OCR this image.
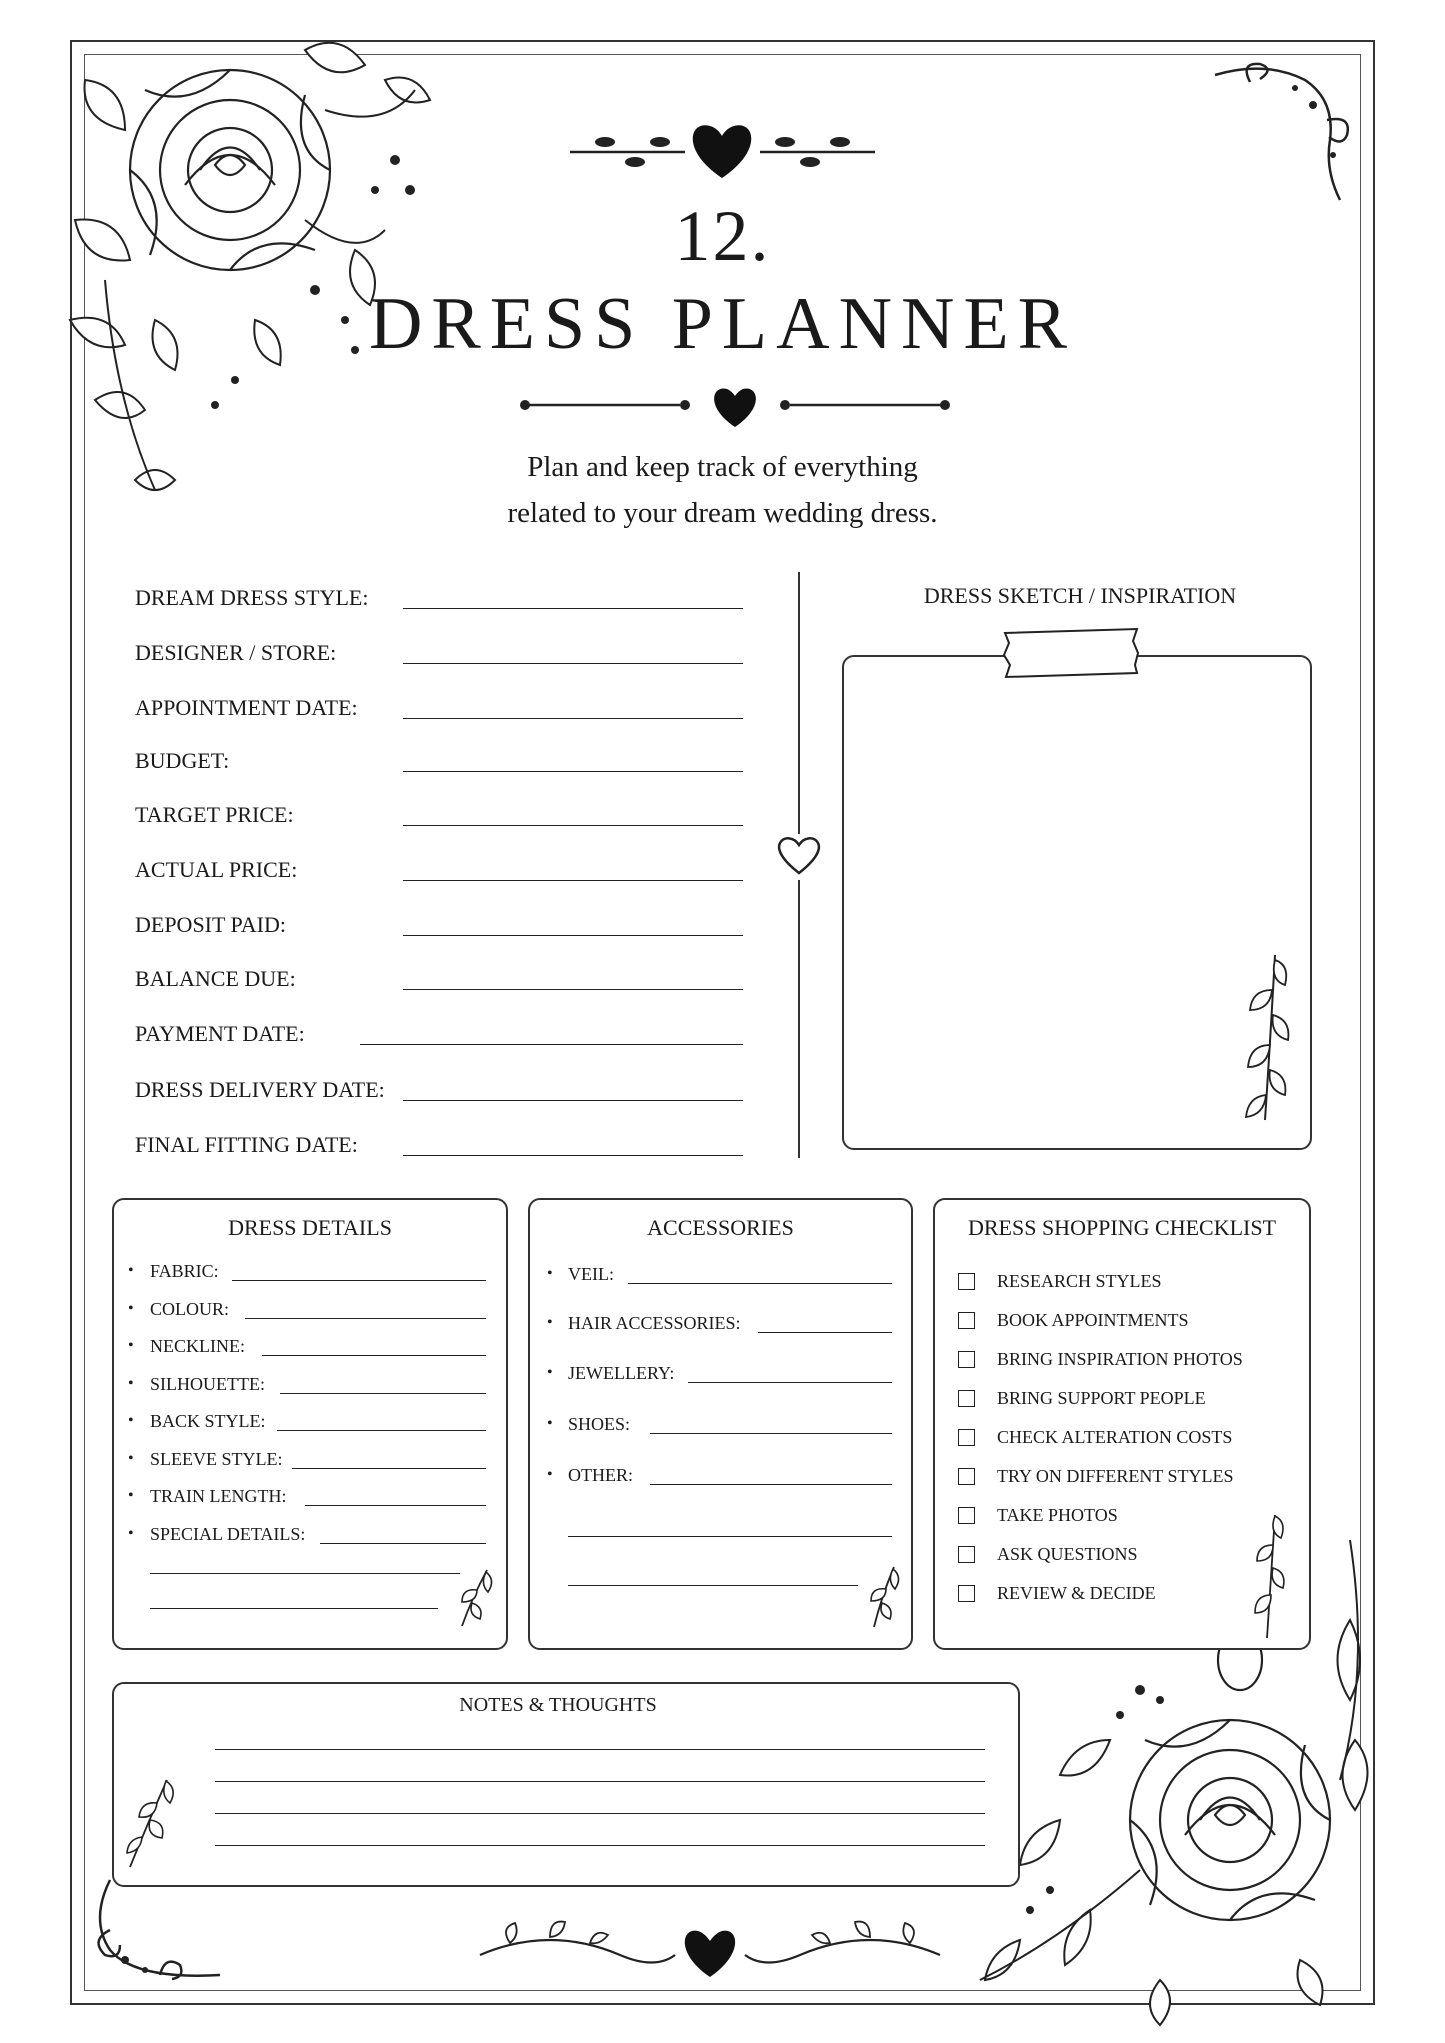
12.
DRESS PLANNER
Plan and keep track of everything
related to your dream wedding dress.
DREAM DRESS STYLE:
DESIGNER / STORE:
APPOINTMENT DATE:
BUDGET:
TARGET PRICE:
ACTUAL PRICE:
DEPOSIT PAID:
BALANCE DUE:
PAYMENT DATE:
DRESS DELIVERY DATE:
FINAL FITTING DATE:
DRESS SKETCH / INSPIRATION
DRESS DETAILS
• FABRIC:
• COLOUR:
• NECKLINE:
• SILHOUETTE:
• BACK STYLE:
• SLEEVE STYLE:
• TRAIN LENGTH:
• SPECIAL DETAILS:
ACCESSORIES
• VEIL:
• HAIR ACCESSORIES:
• JEWELLERY:
• SHOES:
• OTHER:
DRESS SHOPPING CHECKLIST
RESEARCH STYLES
BOOK APPOINTMENTS
BRING INSPIRATION PHOTOS
BRING SUPPORT PEOPLE
CHECK ALTERATION COSTS
TRY ON DIFFERENT STYLES
TAKE PHOTOS
ASK QUESTIONS
REVIEW & DECIDE
NOTES & THOUGHTS
